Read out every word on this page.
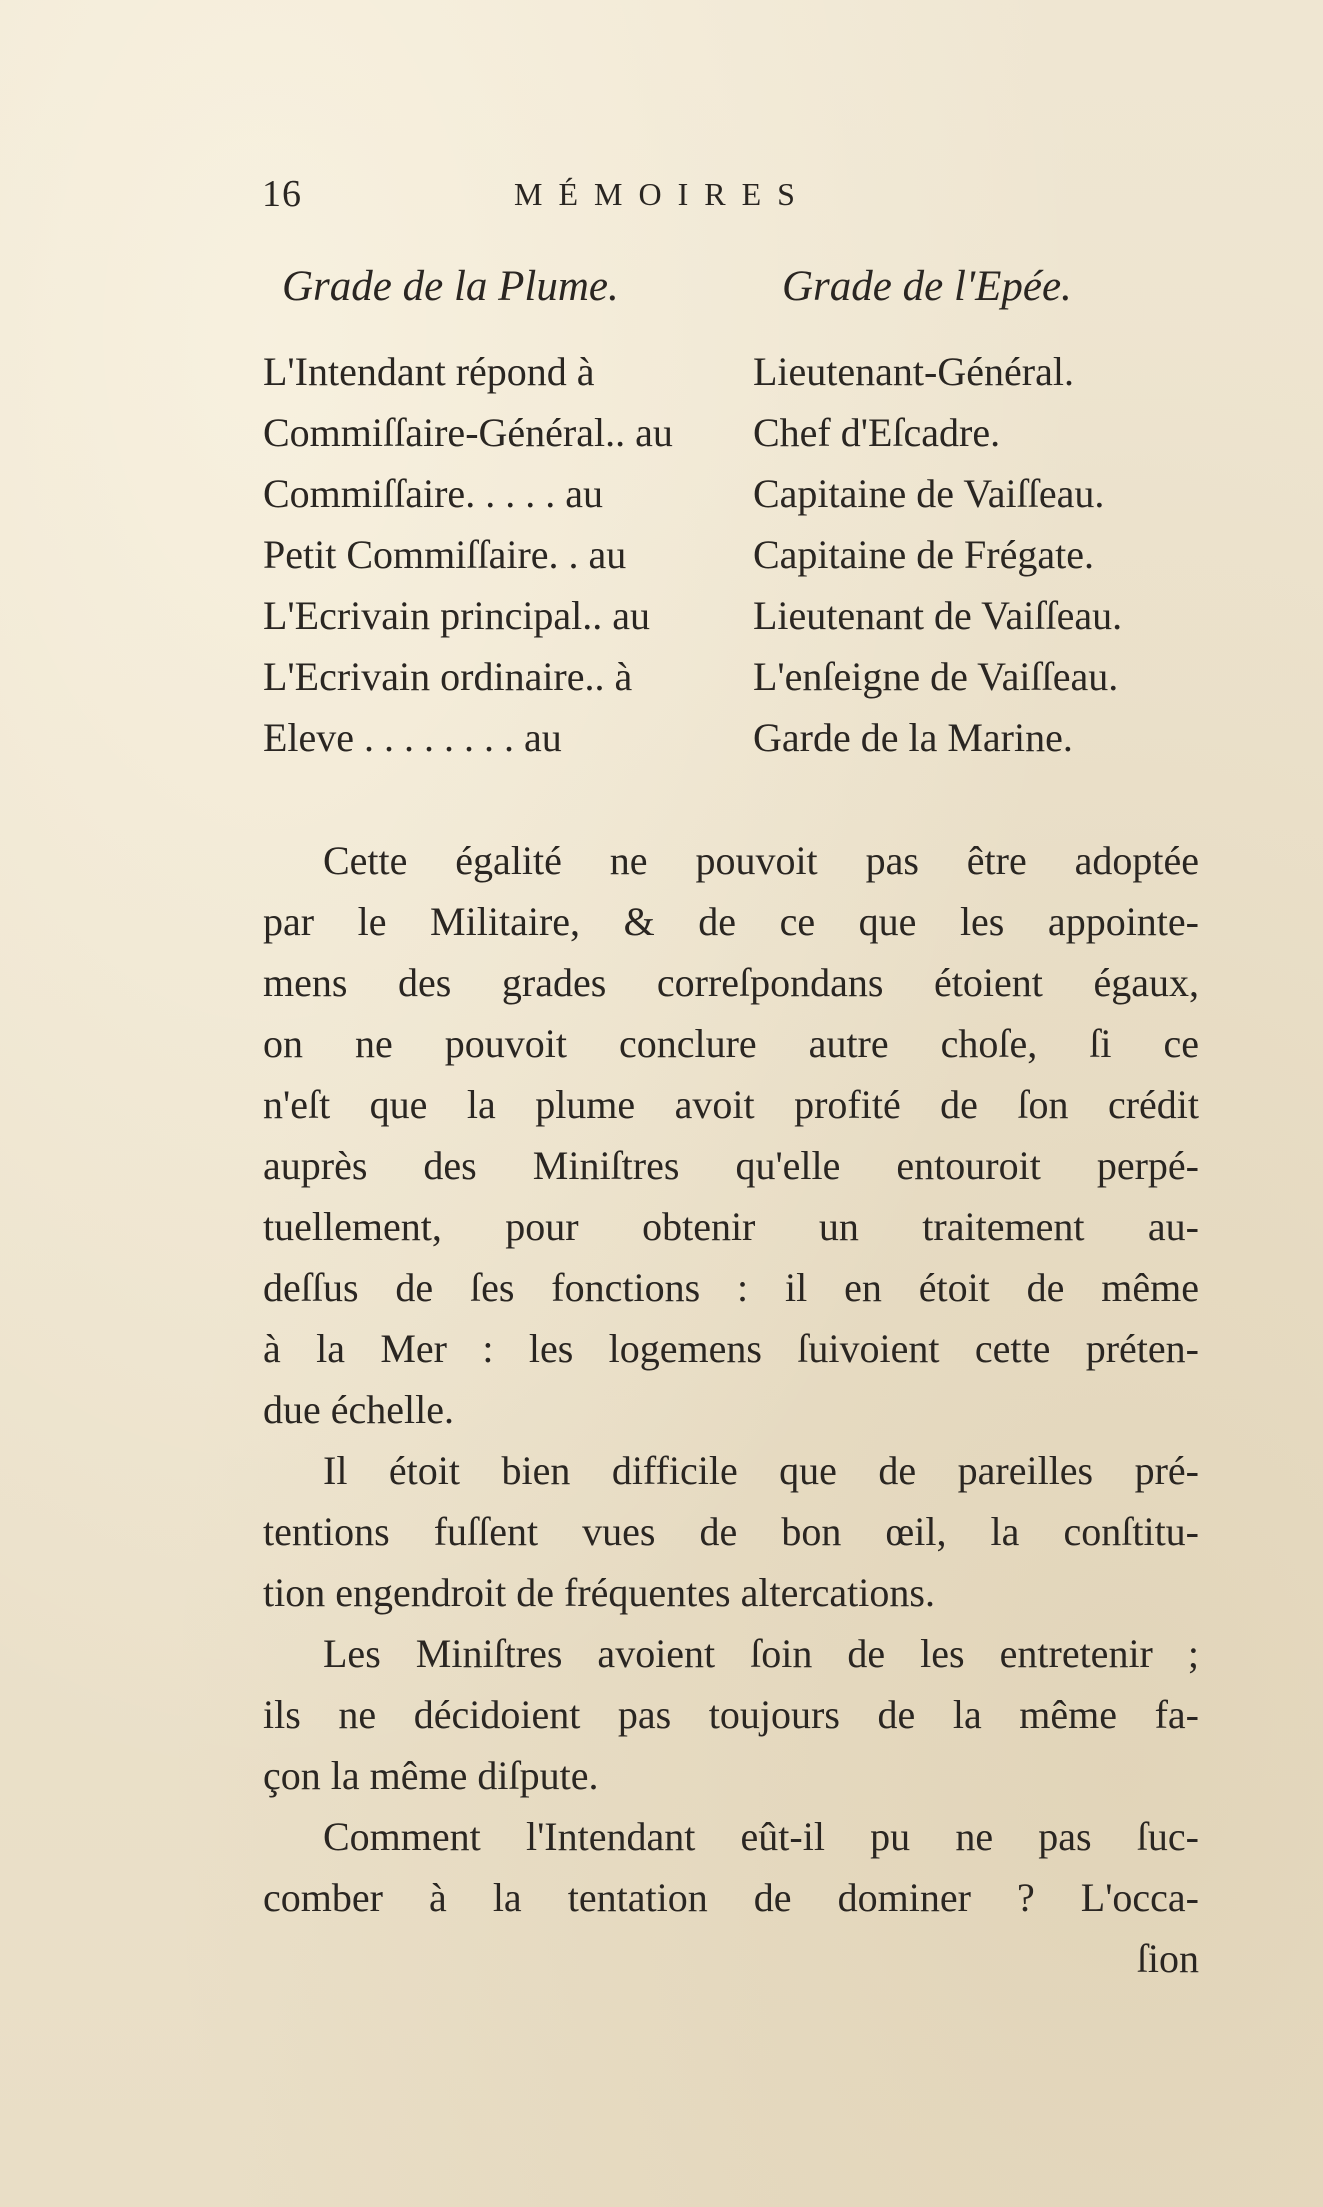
16	MÉMOIRES
Grade de la Plume.	Grade de l'Epée.
L'Intendant répond à	Lieutenant-Général.
Commiſſaire-Général.. au Chef d'Eſcadre.
Commiſſaire. . . . . au	Capitaine de Vaiſſeau.
Petit Commiſſaire. . au	Capitaine de Frégate.
L'Ecrivain principal.. au	Lieutenant de Vaiſſeau.
L'Ecrivain ordinaire.. à	L'enſeigne de Vaiſſeau.
Eleve . . . . . . . . au	Garde de la Marine.
Cette égalité ne pouvoit pas être adoptée
par le Militaire, & de ce que les appointe-
mens des grades correſpondans étoient égaux,
on ne pouvoit conclure autre choſe, ſi ce
n'eſt que la plume avoit profité de ſon crédit
auprès des Miniſtres qu'elle entouroit perpé-
tuellement, pour obtenir un traitement au-
deſſus de ſes fonctions : il en étoit de même
à la Mer : les logemens ſuivoient cette préten-
due échelle.
Il étoit bien difficile que de pareilles pré-
tentions fuſſent vues de bon œil, la conſtitu-
tion engendroit de fréquentes altercations.
Les Miniſtres avoient ſoin de les entretenir ;
ils ne décidoient pas toujours de la même fa-
çon la même diſpute.
Comment l'Intendant eût-il pu ne pas ſuc-
comber à la tentation de dominer ? L'occa-
ſion
